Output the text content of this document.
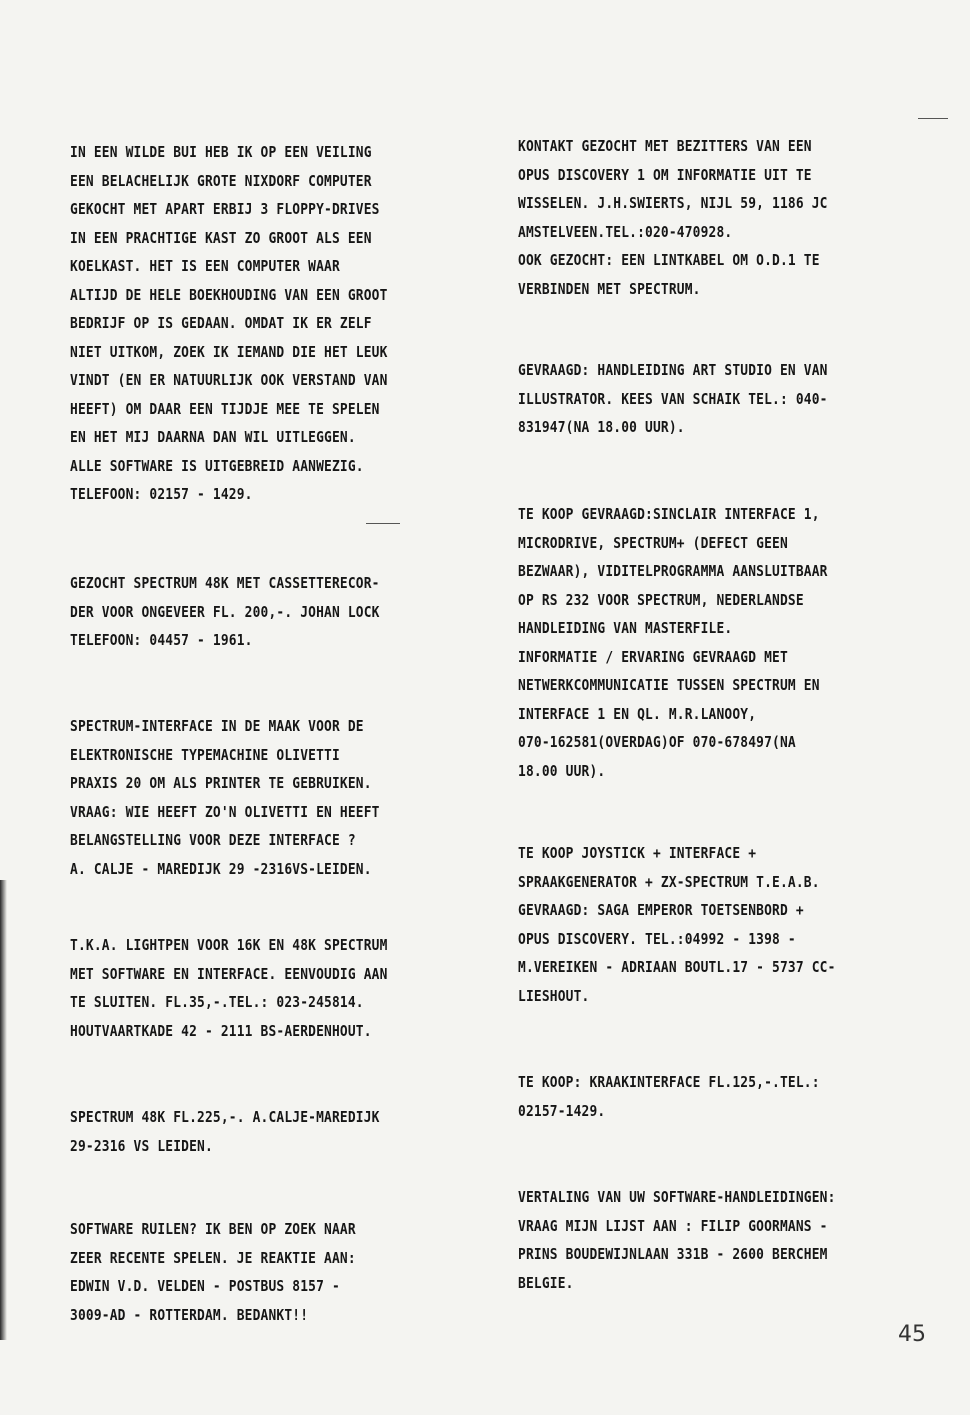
IN EEN WILDE BUI HEB IK OP EEN VEILING
EEN BELACHELIJK GROTE NIXDORF COMPUTER
GEKOCHT MET APART ERBIJ 3 FLOPPY-DRIVES
IN EEN PRACHTIGE KAST ZO GROOT ALS EEN
KOELKAST. HET IS EEN COMPUTER WAAR
ALTIJD DE HELE BOEKHOUDING VAN EEN GROOT
BEDRIJF OP IS GEDAAN. OMDAT IK ER ZELF
NIET UITKOM, ZOEK IK IEMAND DIE HET LEUK
VINDT (EN ER NATUURLIJK OOK VERSTAND VAN
HEEFT) OM DAAR EEN TIJDJE MEE TE SPELEN
EN HET MIJ DAARNA DAN WIL UITLEGGEN.
ALLE SOFTWARE IS UITGEBREID AANWEZIG.
TELEFOON: 02157 - 1429.
GEZOCHT SPECTRUM 48K MET CASSETTERECOR-
DER VOOR ONGEVEER FL. 200,-. JOHAN LOCK
TELEFOON: 04457 - 1961.
SPECTRUM-INTERFACE IN DE MAAK VOOR DE
ELEKTRONISCHE TYPEMACHINE OLIVETTI
PRAXIS 20 OM ALS PRINTER TE GEBRUIKEN.
VRAAG: WIE HEEFT ZO'N OLIVETTI EN HEEFT
BELANGSTELLING VOOR DEZE INTERFACE ?
A. CALJE - MAREDIJK 29 -2316VS-LEIDEN.
T.K.A. LIGHTPEN VOOR 16K EN 48K SPECTRUM
MET SOFTWARE EN INTERFACE. EENVOUDIG AAN
TE SLUITEN. FL.35,-.TEL.: 023-245814.
HOUTVAARTKADE 42 - 2111 BS-AERDENHOUT.
SPECTRUM 48K FL.225,-. A.CALJE-MAREDIJK
29-2316 VS LEIDEN.
SOFTWARE RUILEN? IK BEN OP ZOEK NAAR
ZEER RECENTE SPELEN. JE REAKTIE AAN:
EDWIN V.D. VELDEN - POSTBUS 8157 -
3009-AD - ROTTERDAM. BEDANKT!!
KONTAKT GEZOCHT MET BEZITTERS VAN EEN
OPUS DISCOVERY 1 OM INFORMATIE UIT TE
WISSELEN. J.H.SWIERTS, NIJL 59, 1186 JC
AMSTELVEEN.TEL.:020-470928.
OOK GEZOCHT: EEN LINTKABEL OM O.D.1 TE
VERBINDEN MET SPECTRUM.
GEVRAAGD: HANDLEIDING ART STUDIO EN VAN
ILLUSTRATOR. KEES VAN SCHAIK TEL.: 040-
831947(NA 18.00 UUR).
TE KOOP GEVRAAGD:SINCLAIR INTERFACE 1,
MICRODRIVE, SPECTRUM+ (DEFECT GEEN
BEZWAAR), VIDITELPROGRAMMA AANSLUITBAAR
OP RS 232 VOOR SPECTRUM, NEDERLANDSE
HANDLEIDING VAN MASTERFILE.
INFORMATIE / ERVARING GEVRAAGD MET
NETWERKCOMMUNICATIE TUSSEN SPECTRUM EN
INTERFACE 1 EN QL. M.R.LANOOY,
070-162581(OVERDAG)OF 070-678497(NA
18.00 UUR).
TE KOOP JOYSTICK + INTERFACE +
SPRAAKGENERATOR + ZX-SPECTRUM T.E.A.B.
GEVRAAGD: SAGA EMPEROR TOETSENBORD +
OPUS DISCOVERY. TEL.:04992 - 1398 -
M.VEREIKEN - ADRIAAN BOUTL.17 - 5737 CC-
LIESHOUT.
TE KOOP: KRAAKINTERFACE FL.125,-.TEL.:
02157-1429.
VERTALING VAN UW SOFTWARE-HANDLEIDINGEN:
VRAAG MIJN LIJST AAN : FILIP GOORMANS -
PRINS BOUDEWIJNLAAN 331B - 2600 BERCHEM
BELGIE.
45
